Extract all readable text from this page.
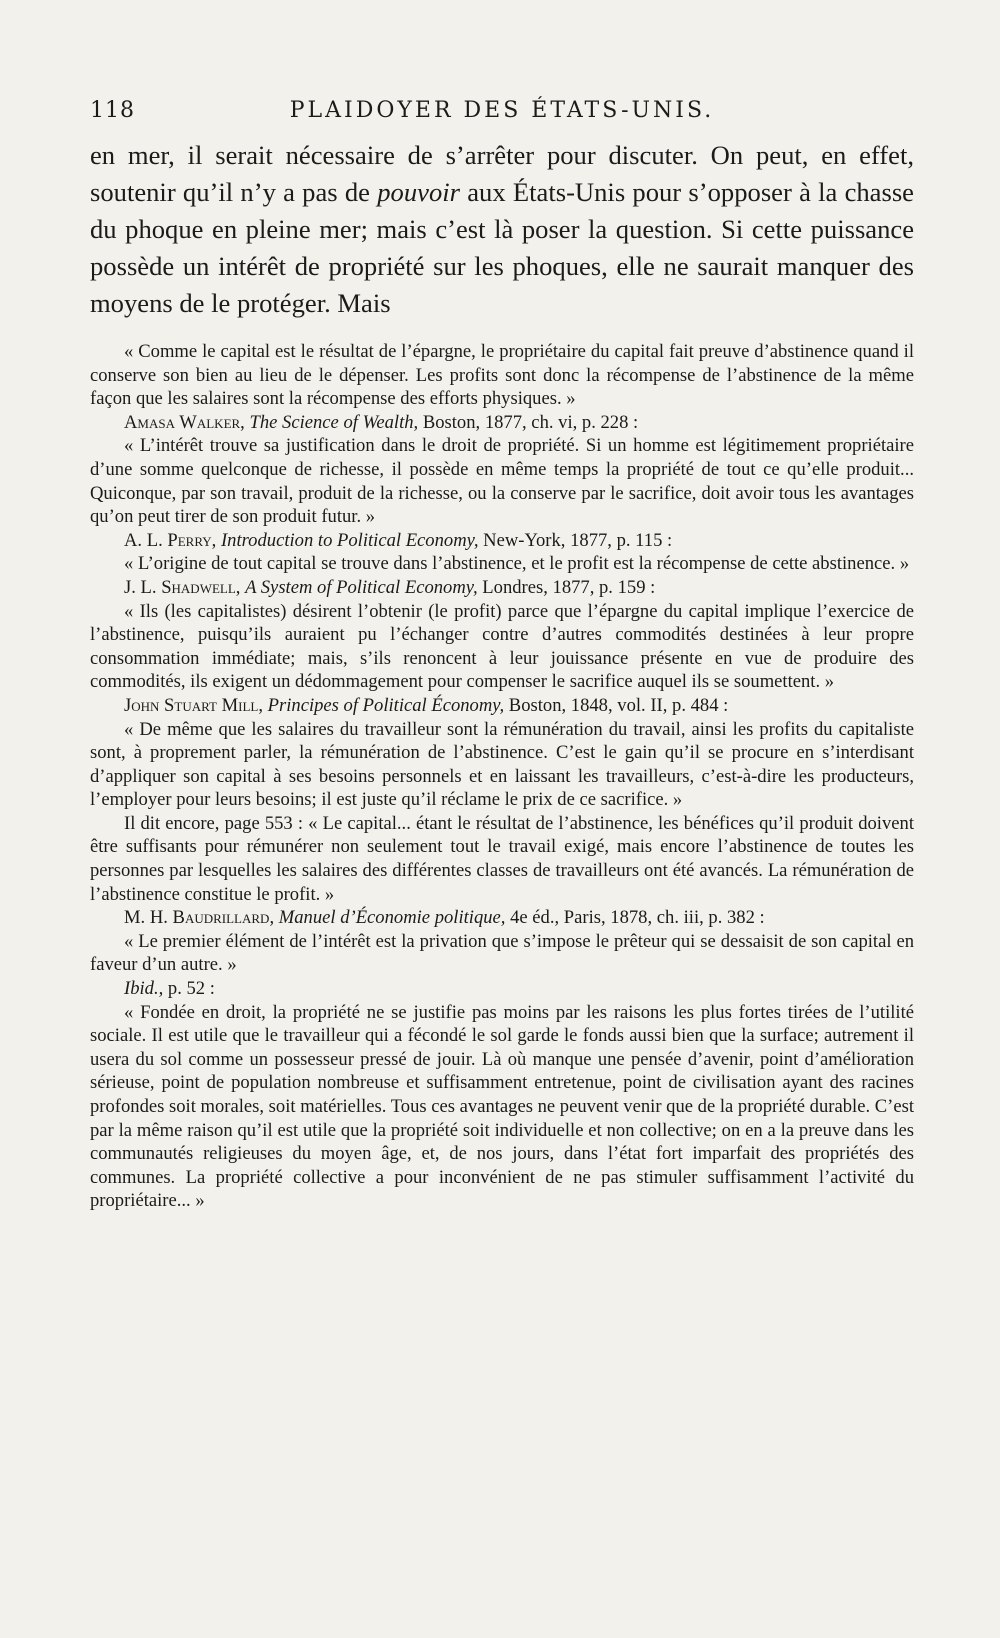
118	PLAIDOYER DES ÉTATS-UNIS.

en mer, il serait nécessaire de s’arrêter pour discuter. On peut, en effet, soutenir qu’il n’y a pas de pouvoir aux États-Unis pour s’opposer à la chasse du phoque en pleine mer; mais c’est là poser la question. Si cette puissance possède un intérêt de propriété sur les phoques, elle ne saurait manquer des moyens de le protéger. Mais

« Comme le capital est le résultat de l’épargne, le propriétaire du capital fait preuve d’abstinence quand il conserve son bien au lieu de le dépenser. Les profits sont donc la récompense de l’abstinence de la même façon que les salaires sont la récompense des efforts physiques. »

Amasa Walker, The Science of Wealth, Boston, 1877, ch. vi, p. 228 :

« L’intérêt trouve sa justification dans le droit de propriété. Si un homme est légitimement propriétaire d’une somme quelconque de richesse, il possède en même temps la propriété de tout ce qu’elle produit... Quiconque, par son travail, produit de la richesse, ou la conserve par le sacrifice, doit avoir tous les avantages qu’on peut tirer de son produit futur. »

A. L. Perry, Introduction to Political Economy, New-York, 1877, p. 115 :

« L’origine de tout capital se trouve dans l’abstinence, et le profit est la récompense de cette abstinence. »

J. L. Shadwell, A System of Political Economy, Londres, 1877, p. 159 :

« Ils (les capitalistes) désirent l’obtenir (le profit) parce que l’épargne du capital implique l’exercice de l’abstinence, puisqu’ils auraient pu l’échanger contre d’autres commodités destinées à leur propre consommation immédiate; mais, s’ils renoncent à leur jouissance présente en vue de produire des commodités, ils exigent un dédommagement pour compenser le sacrifice auquel ils se soumettent. »

John Stuart Mill, Principes of Political Économy, Boston, 1848, vol. II, p. 484 :

« De même que les salaires du travailleur sont la rémunération du travail, ainsi les profits du capitaliste sont, à proprement parler, la rémunération de l’abstinence. C’est le gain qu’il se procure en s’interdisant d’appliquer son capital à ses besoins personnels et en laissant les travailleurs, c’est-à-dire les producteurs, l’employer pour leurs besoins; il est juste qu’il réclame le prix de ce sacrifice. »

Il dit encore, page 553 : « Le capital... étant le résultat de l’abstinence, les bénéfices qu’il produit doivent être suffisants pour rémunérer non seulement tout le travail exigé, mais encore l’abstinence de toutes les personnes par lesquelles les salaires des différentes classes de travailleurs ont été avancés. La rémunération de l’abstinence constitue le profit. »

M. H. Baudrillard, Manuel d’Économie politique, 4e éd., Paris, 1878, ch. iii, p. 382 :

« Le premier élément de l’intérêt est la privation que s’impose le prêteur qui se dessaisit de son capital en faveur d’un autre. »

Ibid., p. 52 :

« Fondée en droit, la propriété ne se justifie pas moins par les raisons les plus fortes tirées de l’utilité sociale. Il est utile que le travailleur qui a fécondé le sol garde le fonds aussi bien que la surface; autrement il usera du sol comme un possesseur pressé de jouir. Là où manque une pensée d’avenir, point d’amélioration sérieuse, point de population nombreuse et suffisamment entretenue, point de civilisation ayant des racines profondes soit morales, soit matérielles. Tous ces avantages ne peuvent venir que de la propriété durable. C’est par la même raison qu’il est utile que la propriété soit individuelle et non collective; on en a la preuve dans les communautés religieuses du moyen âge, et, de nos jours, dans l’état fort imparfait des propriétés des communes. La propriété collective a pour inconvénient de ne pas stimuler suffisamment l’activité du propriétaire... »
